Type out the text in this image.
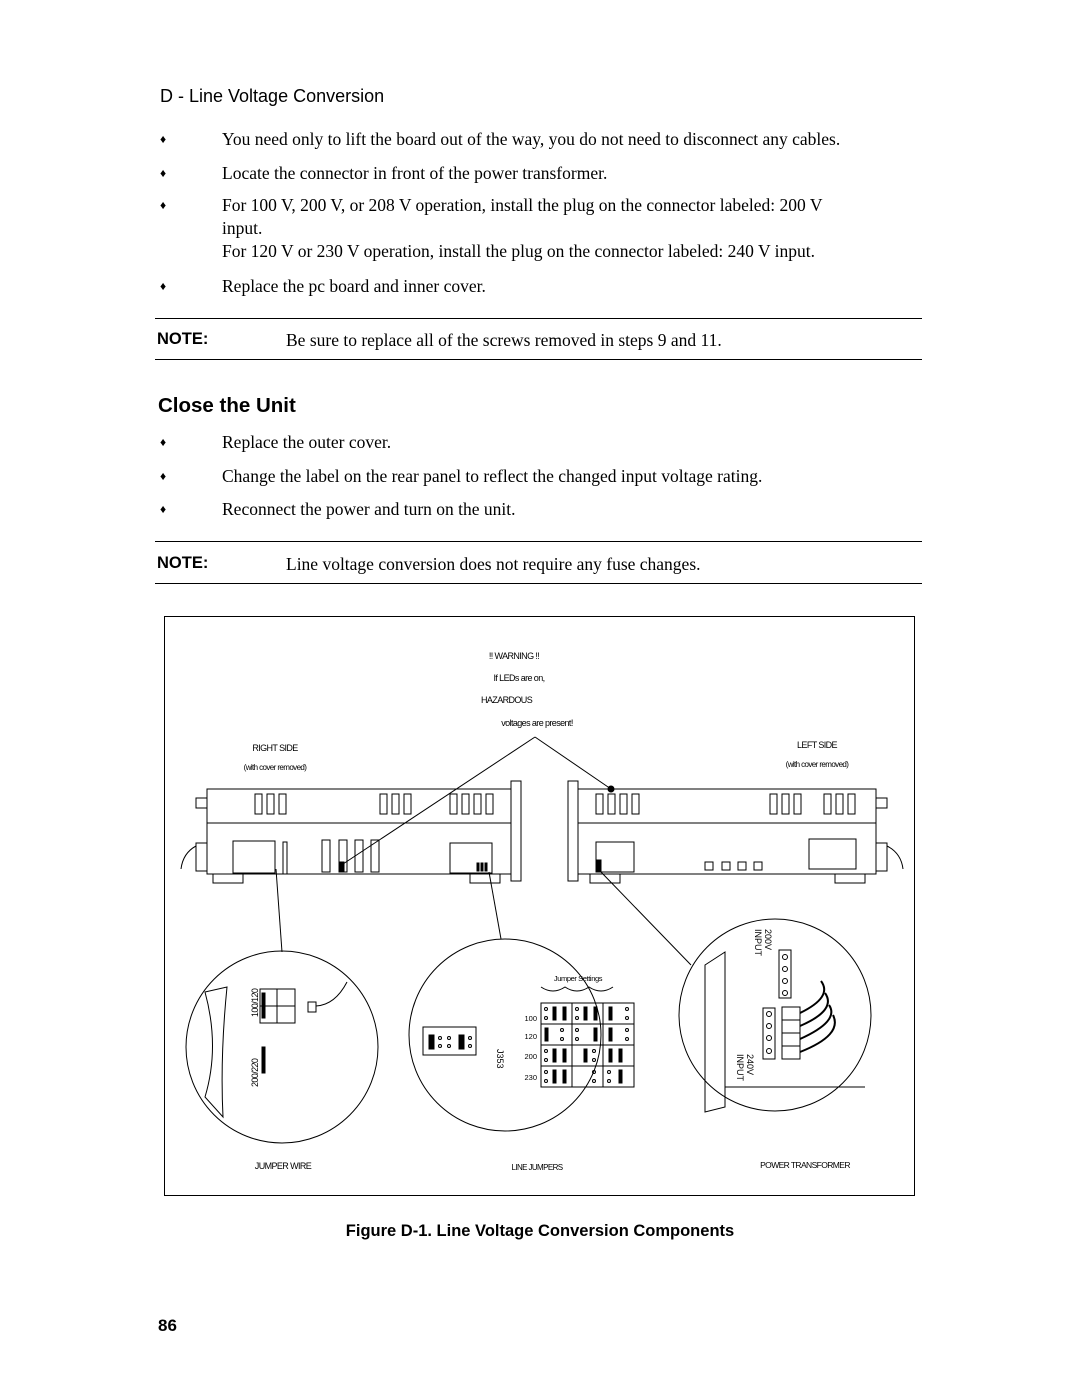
D - Line Voltage Conversion
♦	You need only to lift the board out of the way, you do not need to disconnect any cables.
♦	Locate the connector in front of the power transformer.
♦	For 100 V, 200 V, or 208 V operation, install the plug on the connector labeled: 200 V input.
For 120 V or 230 V operation, install the plug on the connector labeled: 240 V input.
♦	Replace the pc board and inner cover.
NOTE:	Be sure to replace all of the screws removed in steps 9 and 11.
Close the Unit
♦	Replace the outer cover.
♦	Change the label on the rear panel to reflect the changed input voltage rating.
♦	Reconnect the power and turn on the unit.
NOTE:	Line voltage conversion does not require any fuse changes.
!! WARNING !!
If LEDs are on,
HAZARDOUS
voltages are present!
RIGHT SIDE
(with cover removed)
LEFT SIDE
(with cover removed)
JUMPER WIRE	LINE JUMPERS	POWER TRANSFORMER
100/120
200/220	J353
Jumper Settings
100
120
200
230
200V
INPUT
240V
INPUT
Figure D-1. Line Voltage Conversion Components
86
